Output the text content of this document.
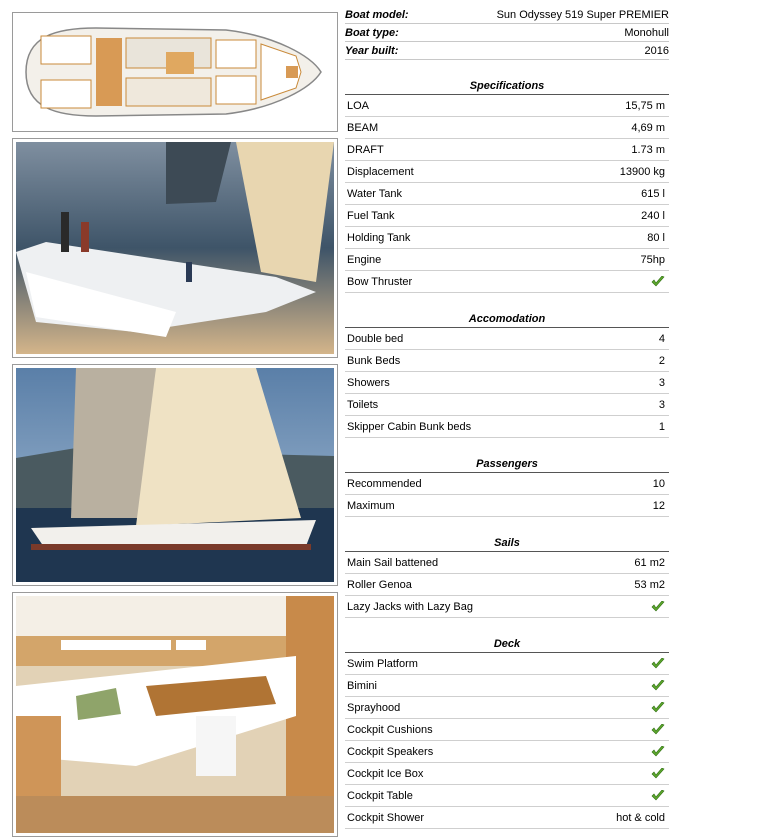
Boat model:	Sun Odyssey 519 Super PREMIER
Boat type:	Monohull
Year built:	2016
Specifications
LOA	15,75 m
BEAM	4,69 m
DRAFT	1.73 m
Displacement	13900 kg
Water Tank	615 l
Fuel Tank	240 l
Holding Tank	80 l
Engine	75hp
Bow Thruster
Accomodation
Double bed	4
Bunk Beds	2
Showers	3
Toilets	3
Skipper Cabin Bunk beds	1
Passengers
Recommended	10
Maximum	12
Sails
Main Sail battened	61 m2
Roller Genoa	53 m2
Lazy Jacks with Lazy Bag
Deck
Swim Platform
Bimini
Sprayhood
Cockpit Cushions
Cockpit Speakers
Cockpit Ice Box
Cockpit Table
Cockpit Shower	hot & cold
